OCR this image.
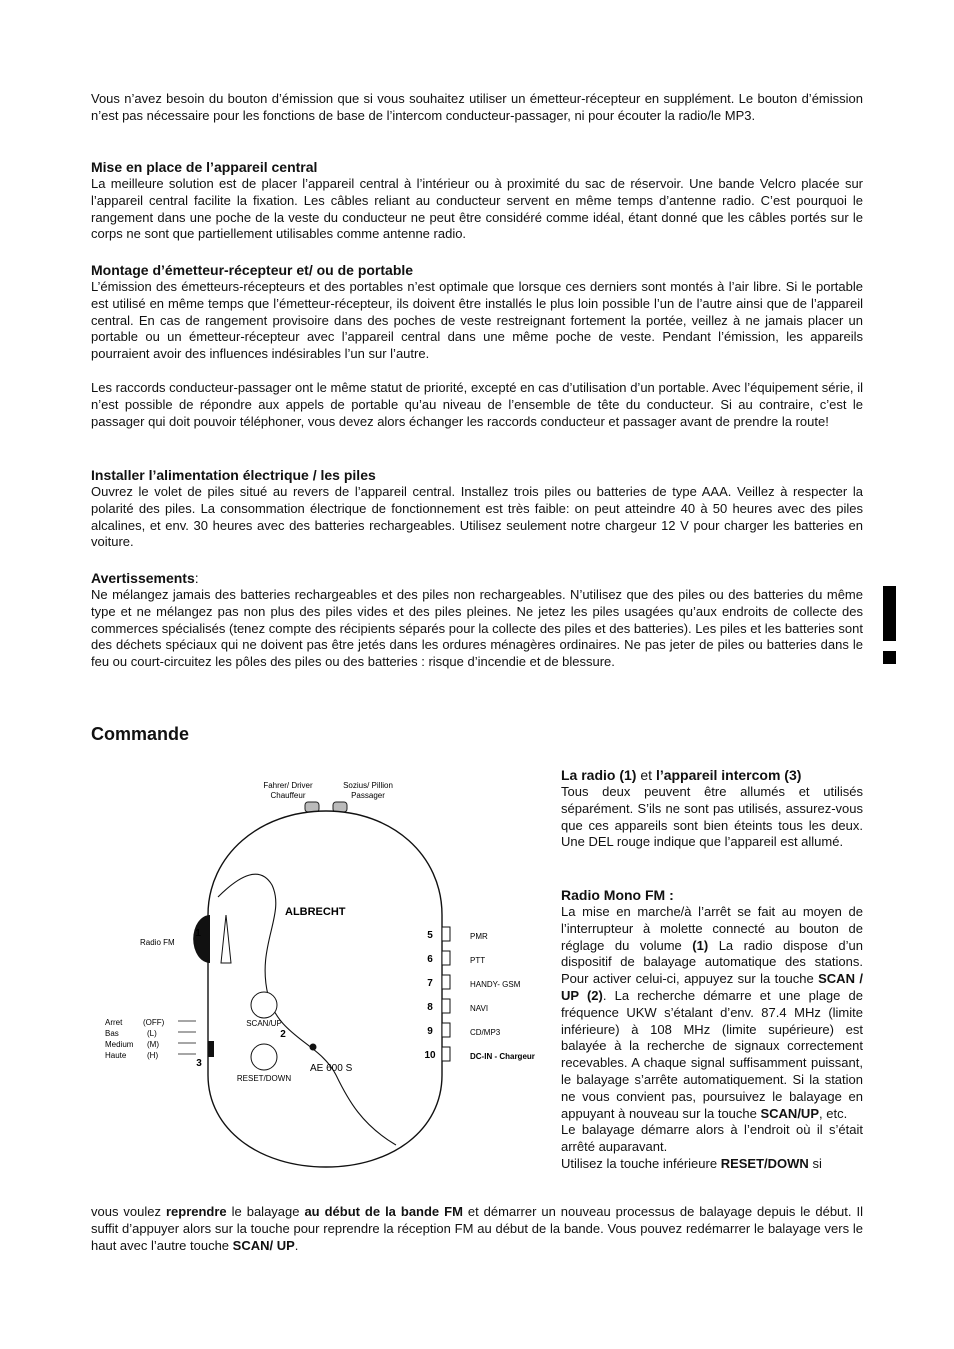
Vous n’avez besoin du bouton d’émission que si vous souhaitez utiliser un émetteur-récepteur en supplément. Le bouton d’émission n’est pas nécessaire pour les fonctions de base de l’intercom conducteur-passager, ni pour écouter la radio/le MP3.

Mise en place de l’appareil central

La meilleure solution est de placer l’appareil central à l’intérieur ou à proximité du sac de réservoir. Une bande Velcro placée sur l’appareil central facilite la fixation. Les câbles reliant au conducteur servent en même temps d’antenne radio. C’est pourquoi le rangement dans une poche de la veste du conducteur ne peut être considéré comme idéal, étant donné que les câbles portés sur le corps ne sont que partiellement utilisables comme antenne radio.

Montage d’émetteur-récepteur et/ ou de portable

L’émission des émetteurs-récepteurs et des portables n’est optimale que lorsque ces derniers sont montés à l’air libre. Si le portable est utilisé en même temps que l’émetteur-récepteur, ils doivent être installés le plus loin possible l’un de l’autre ainsi que de l’appareil central. En cas de rangement provisoire dans des poches de veste restreignant fortement la portée, veillez à ne jamais placer un portable ou un émetteur-récepteur avec l’appareil central dans une même poche de veste. Pendant l’émission, les appareils pourraient avoir des influences indésirables l’un sur l’autre.

Les raccords conducteur-passager ont le même statut de priorité, excepté en cas d’utilisation d’un portable. Avec l’équipement série, il n’est possible de répondre aux appels de portable qu’au niveau de l’ensemble de tête du conducteur. Si au contraire, c’est le passager qui doit pouvoir téléphoner, vous devez alors échanger les raccords conducteur et passager avant de prendre la route!

Installer l’alimentation électrique / les piles

Ouvrez le volet de piles situé au revers de l’appareil central. Installez trois piles ou batteries de type AAA. Veillez à respecter la polarité des piles. La consommation électrique de fonctionnement est très faible: on peut atteindre 40 à 50 heures avec des piles alcalines, et env. 30 heures avec des batteries rechargeables. Utilisez seulement notre chargeur 12 V pour charger les batteries en voiture.

Avertissements:

Ne mélangez jamais des batteries rechargeables et des piles non rechargeables. N’utilisez que des piles ou des batteries du même type et ne mélangez pas non plus des piles vides et des piles pleines. Ne jetez les piles usagées qu’aux endroits de collecte des commerces spécialisés (tenez compte des récipients séparés pour la collecte des piles et des batteries). Les piles et les batteries sont des déchets spéciaux qui ne doivent pas être jetés dans les ordures ménagères ordinaires. Ne pas jeter de piles ou batteries dans le feu ou court-circuitez les pôles des piles ou des batteries : risque d’incendie et de blessure.

Commande
Fahrer/ Driver
Chauffeur
Sozius/ Pillion
Passager
1
Radio FM
ALBRECHT
SCAN/UP
2
RESET/DOWN
AE 600 S
Arret	(OFF)
Bas	(L)
Medium (M)
Haute	(H)
3
5	PMR
6	PTT
7	HANDY- GSM
8	NAVI
9	CD/MP3
10	DC-IN - Chargeur
La radio (1) et l’appareil intercom (3)

Tous deux peuvent être allumés et utilisés séparément. S’ils ne sont pas utilisés, assurez-vous que ces appareils sont bien éteints tous les deux. Une DEL rouge indique que l’appareil est allumé.

Radio Mono FM :

La mise en marche/à l’arrêt se fait au moyen de l’interrupteur à molette connecté au bouton de réglage du volume (1) La radio dispose d’un dispositif de balayage automatique des stations. Pour activer celui-ci, appuyez sur la touche SCAN / UP (2). La recherche démarre et une plage de fréquence UKW s’étalant d’env. 87.4 MHz (limite inférieure) à 108 MHz (limite supérieure) est balayée à la recherche de signaux correctement recevables. A chaque signal suffisamment puissant, le balayage s’arrête automatiquement. Si la station ne vous convient pas, poursuivez le balayage en appuyant à nouveau sur la touche SCAN/UP, etc.

Le balayage démarre alors à l’endroit où il s’était arrêté auparavant.

Utilisez la touche inférieure RESET/DOWN si

vous voulez reprendre le balayage au début de la bande FM et démarrer un nouveau processus de balayage depuis le début. Il suffit d’appuyer alors sur la touche pour reprendre la réception FM au début de la bande. Vous pouvez redémarrer le balayage vers le haut avec l’autre touche SCAN/ UP.
